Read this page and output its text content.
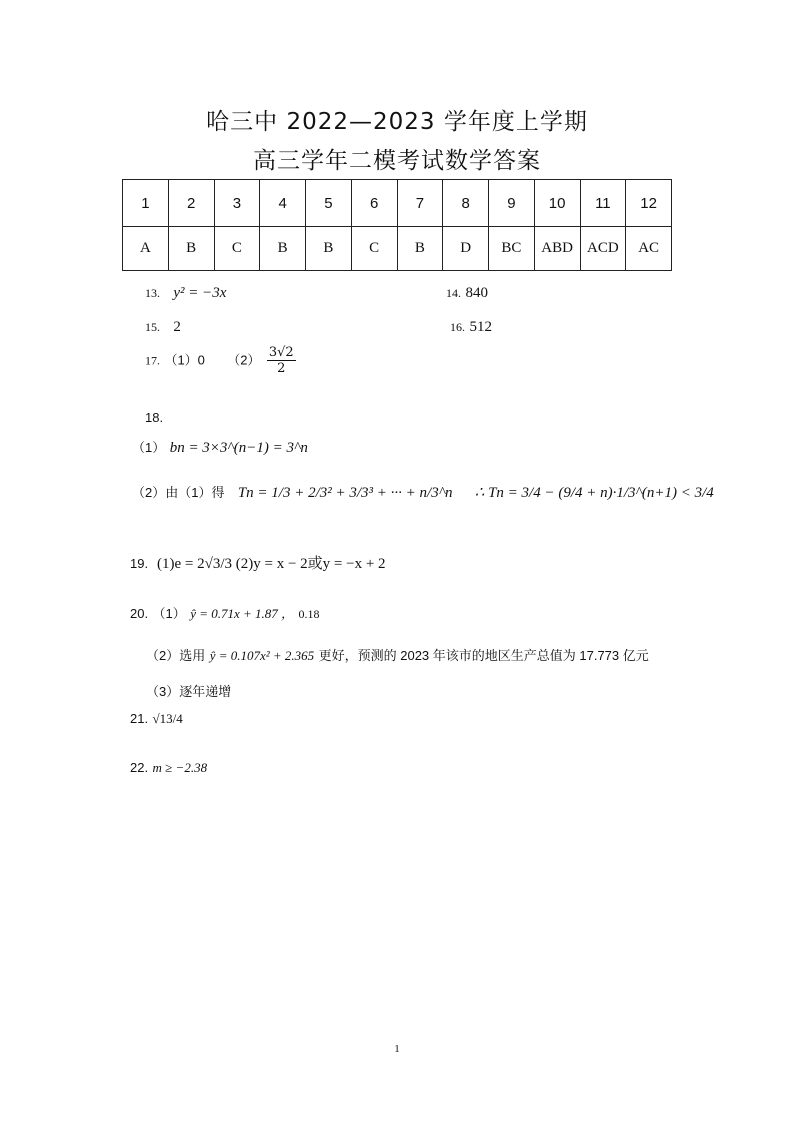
哈三中 2022—2023 学年度上学期
高三学年二模考试数学答案
1	2	3	4	5	6	7	8	9	10	11	12
A	B	C	B	B	C	B	D	BC	ABD	ACD	AC
13. y² = −3x	14. 840
15. 2	16. 512
17. （1）0 $(2) \frac{3√2}{2}$
18.
（1） bn = 3×3^(n−1) = 3^n
（2）由（1）得 Tn = 1/3 + 2/3² + 3/3³ + ··· + n/3^n ∴ Tn = 3/4 − (9/4 + n)·1/3^(n+1) < 3/4
19. (1)e = 2√3/3 (2)y = x − 2或y = −x + 2
20. （1） ŷ = 0.71x + 1.87 ， 0.18
（2）选用 ŷ = 0.107x² + 2.365 更好，预测的 2023 年该市的地区生产总值为 17.773 亿元
（3）逐年递增
21. √13/4
22. m ≥ −2.38
1
